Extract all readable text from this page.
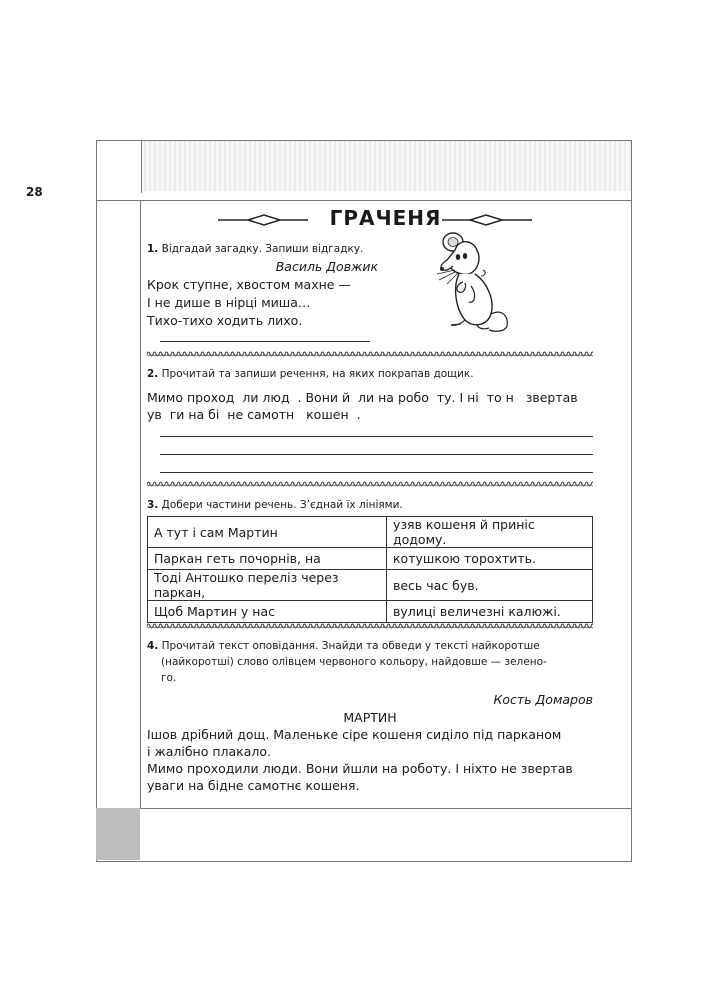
28
ГРАЧЕНЯ
1. Відгадай загадку. Запиши відгадку.
Василь Довжик
Крок ступне, хвостом махне —
І не дише в нірці миша…
Тихо-тихо ходить лихо.
2. Прочитай та запиши речення, на яких покрапав дощик.
Мимо проход  ли люд  . Вони й  ли на робо  ту. І ні  то н   звертав
ув  ги на бі  не самотн   кошен  .
3. Добери частини речень. З’єднай їх лініями.
А тут і сам Мартин	узяв кошеня й приніс додому.
Паркан геть почорнів, на	котушкою торохтить.
Тоді Антошко переліз через паркан,	весь час був.
Щоб Мартин у нас	вулиці величезні калюжі.
4. Прочитай текст оповідання. Знайди та обведи у тексті найкоротше
(найкоротші) слово олівцем червоного кольору, найдовше — зелено-
го.
Кость Домаров
МАРТИН
Ішов дрібний дощ. Маленьке сіре кошеня сиділо під парканом
і жалібно плакало.
Мимо проходили люди. Вони йшли на роботу. І ніхто не звертав
уваги на бідне самотнє кошеня.
